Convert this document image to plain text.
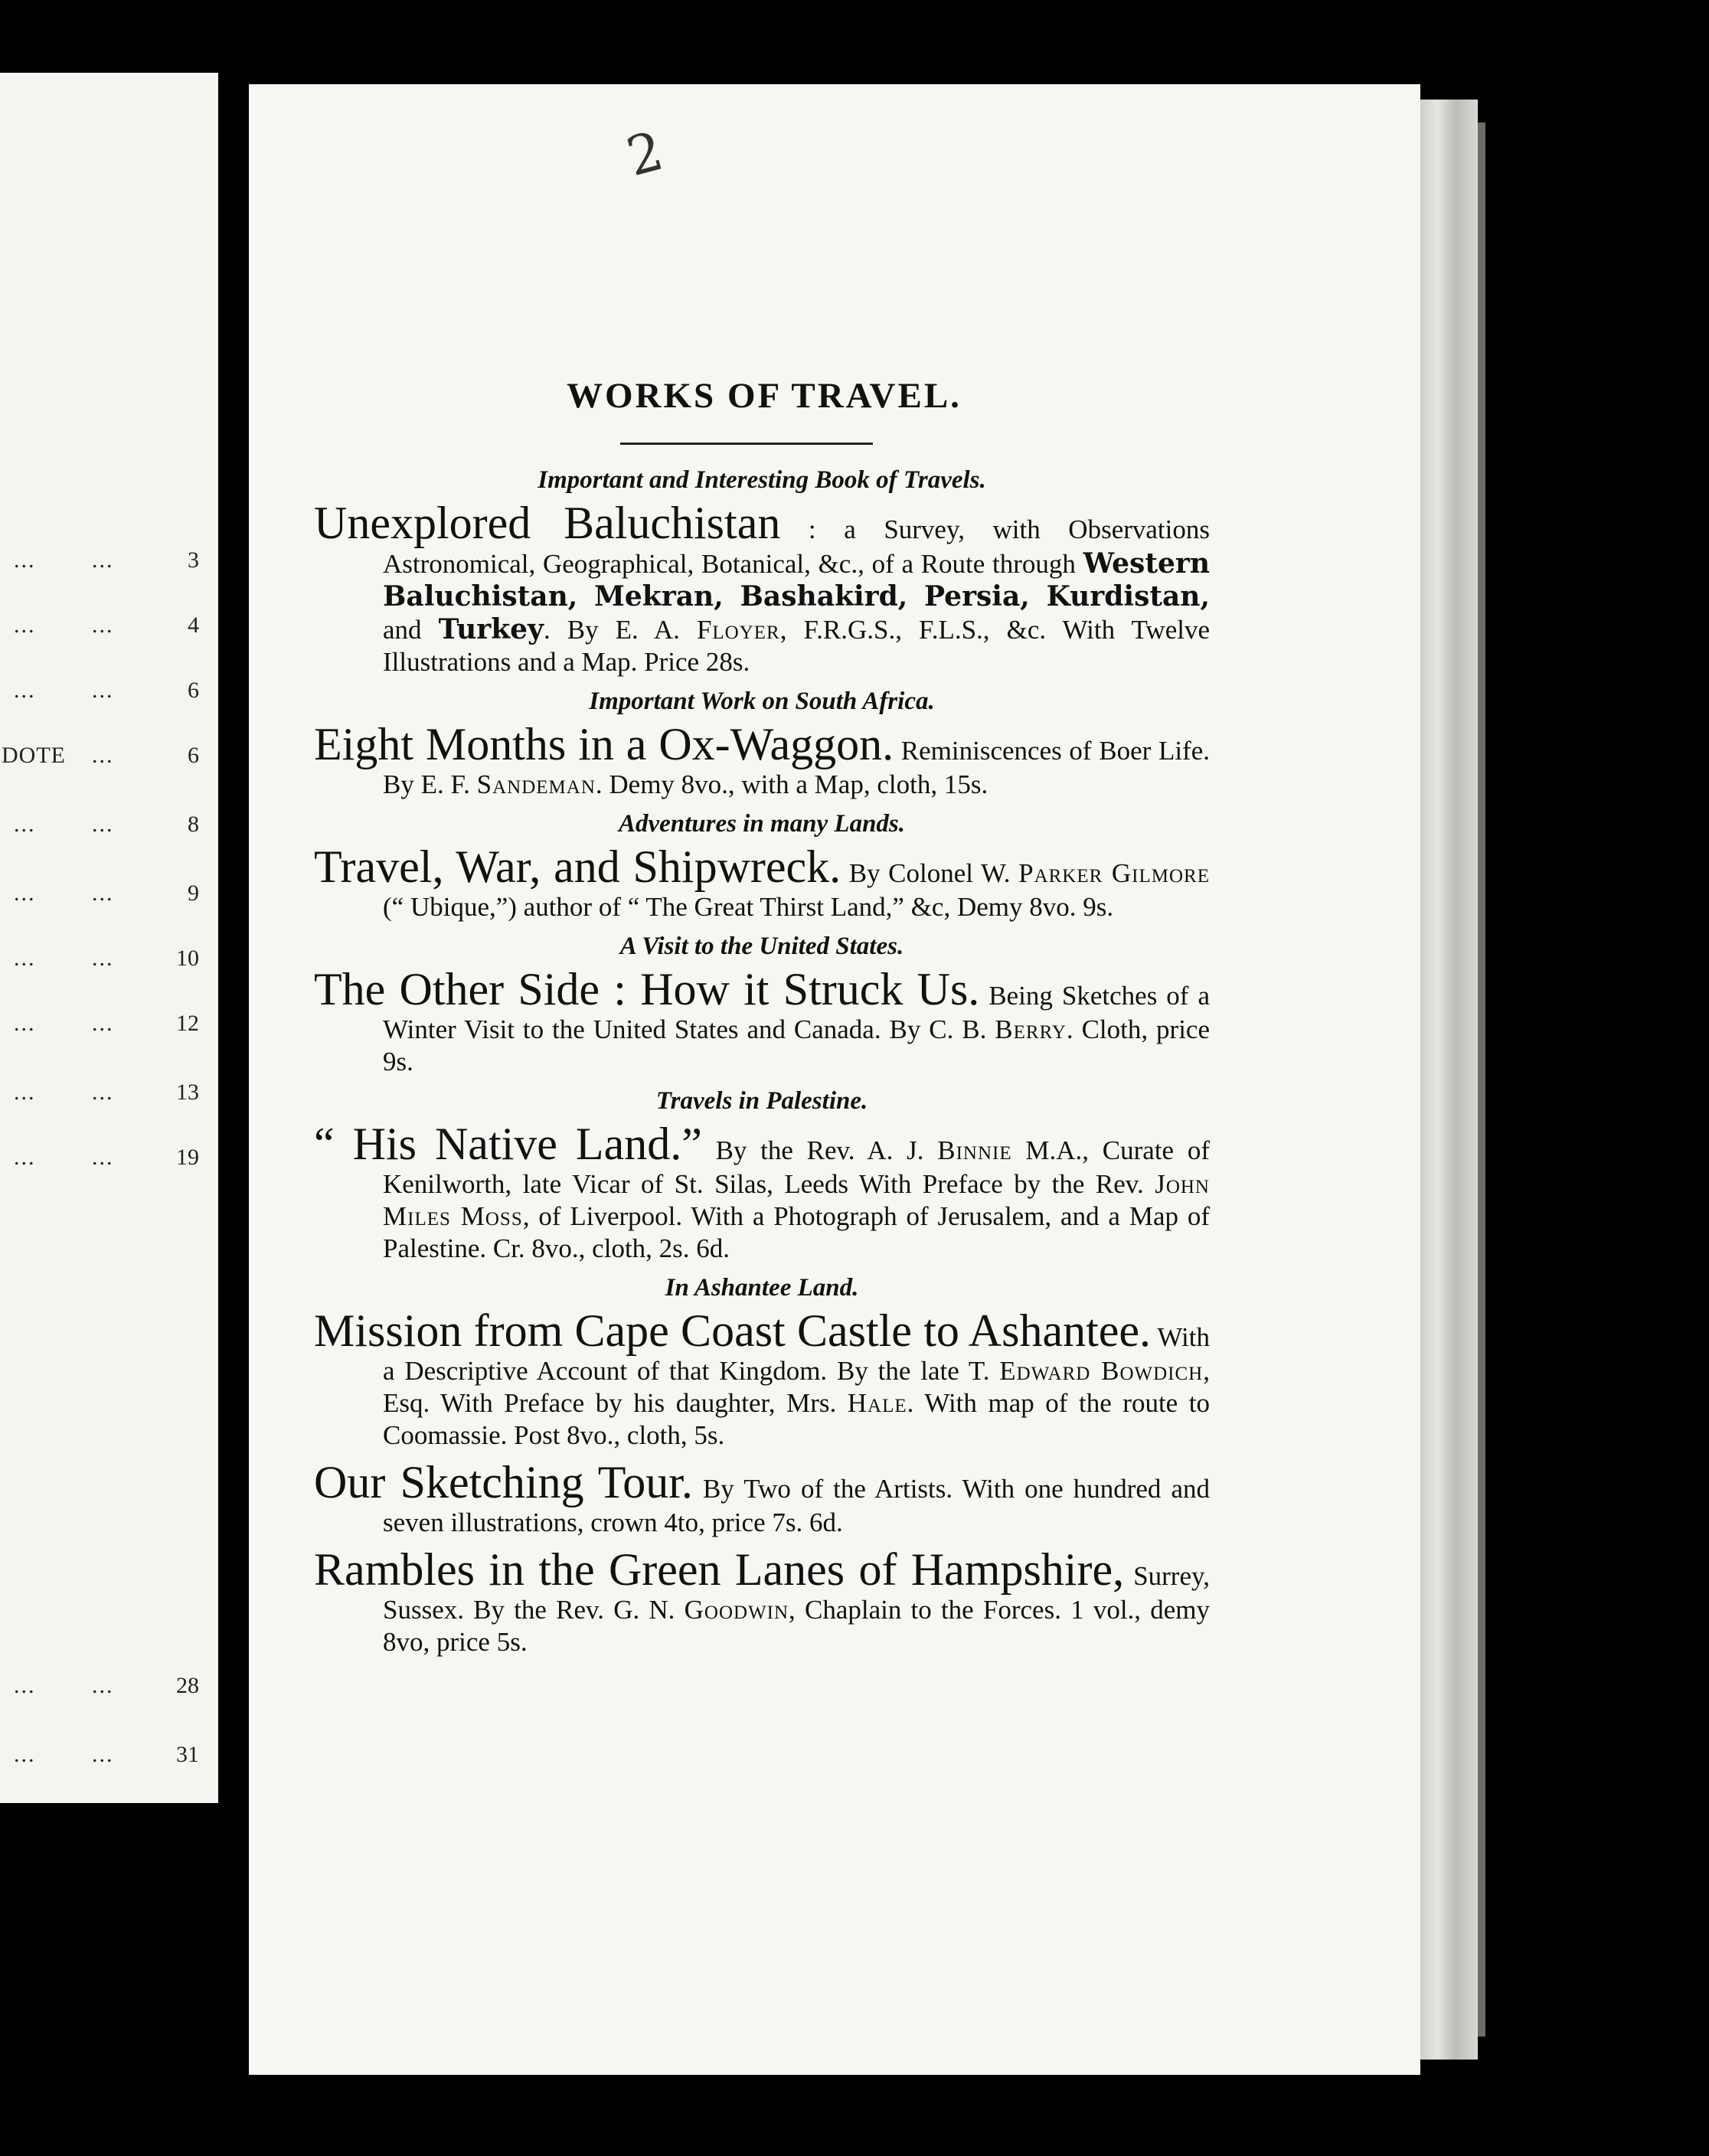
... ...	3
... ...	4
... ...	6
DOTE ...	6
... ...	8
... ...	9
... ...	10
... ...	12
... ...	13
... ...	19
... ...	28
... ...	31
2
WORKS OF TRAVEL.

Important and Interesting Book of Travels.

Unexplored Baluchistan : a Survey, with Observations Astronomical, Geographical, Botanical, &c., of a Route through Western Baluchistan, Mekran, Bashakird, Persia, Kurdistan, and Turkey. By E. A. Floyer, F.R.G.S., F.L.S., &c. With Twelve Illustrations and a Map. Price 28s.

Important Work on South Africa.

Eight Months in a Ox-Waggon. Reminiscences of Boer Life. By E. F. Sandeman. Demy 8vo., with a Map, cloth, 15s.

Adventures in many Lands.

Travel, War, and Shipwreck. By Colonel W. Parker Gilmore (“ Ubique,”) author of “ The Great Thirst Land,” &c, Demy 8vo. 9s.

A Visit to the United States.

The Other Side : How it Struck Us. Being Sketches of a Winter Visit to the United States and Canada. By C. B. Berry. Cloth, price 9s.

Travels in Palestine.

“ His Native Land.” By the Rev. A. J. Binnie M.A., Curate of Kenilworth, late Vicar of St. Silas, Leeds With Preface by the Rev. John Miles Moss, of Liverpool. With a Photograph of Jerusalem, and a Map of Palestine. Cr. 8vo., cloth, 2s. 6d.

In Ashantee Land.

Mission from Cape Coast Castle to Ashantee. With a Descriptive Account of that Kingdom. By the late T. Edward Bowdich, Esq. With Preface by his daughter, Mrs. Hale. With map of the route to Coomassie. Post 8vo., cloth, 5s.

Our Sketching Tour. By Two of the Artists. With one hundred and seven illustrations, crown 4to, price 7s. 6d.

Rambles in the Green Lanes of Hampshire, Surrey, Sussex. By the Rev. G. N. Goodwin, Chaplain to the Forces. 1 vol., demy 8vo, price 5s.
